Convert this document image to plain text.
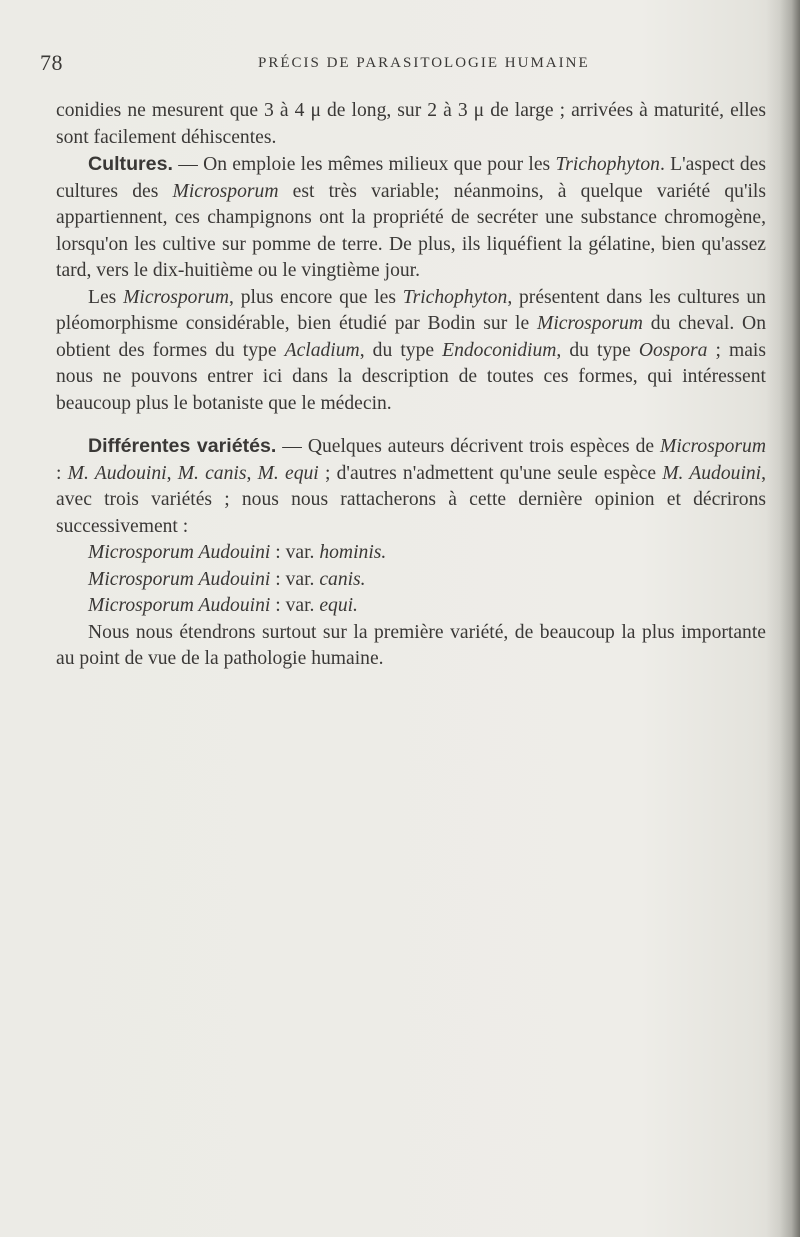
78	PRÉCIS DE PARASITOLOGIE HUMAINE

conidies ne mesurent que 3 à 4 μ de long, sur 2 à 3 μ de large ; arrivées à maturité, elles sont facilement déhiscentes.

Cultures. — On emploie les mêmes milieux que pour les Trichophyton. L'aspect des cultures des Microsporum est très variable; néanmoins, à quelque variété qu'ils appartiennent, ces champignons ont la propriété de secréter une substance chromogène, lorsqu'on les cultive sur pomme de terre. De plus, ils liquéfient la gélatine, bien qu'assez tard, vers le dix-huitième ou le vingtième jour.

Les Microsporum, plus encore que les Trichophyton, présentent dans les cultures un pléomorphisme considérable, bien étudié par Bodin sur le Microsporum du cheval. On obtient des formes du type Acladium, du type Endoconidium, du type Oospora ; mais nous ne pouvons entrer ici dans la description de toutes ces formes, qui intéressent beaucoup plus le botaniste que le médecin.

Différentes variétés. — Quelques auteurs décrivent trois espèces de Microsporum : M. Audouini, M. canis, M. equi ; d'autres n'admettent qu'une seule espèce M. Audouini, avec trois variétés ; nous nous rattacherons à cette dernière opinion et décrirons successivement :

Microsporum Audouini : var. hominis.

Microsporum Audouini : var. canis.

Microsporum Audouini : var. equi.

Nous nous étendrons surtout sur la première variété, de beaucoup la plus importante au point de vue de la pathologie humaine.
